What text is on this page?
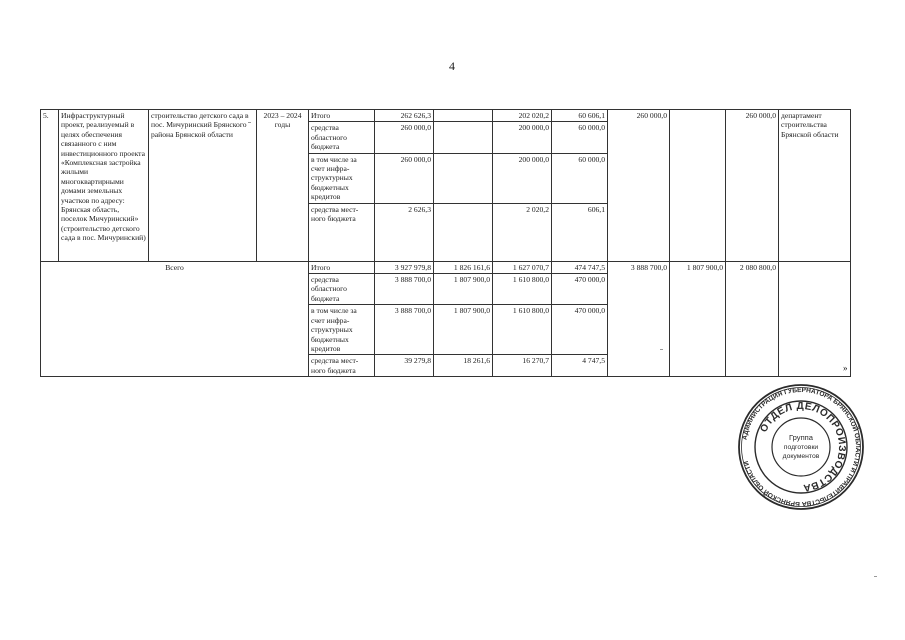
4
5.	Инфраструктурный проект, реализуемый в целях обеспечения связанного с ним инвестиционного проекта «Комплексная застройка жилыми многоквартирными домами земельных участков по адресу: Брянская область, поселок Мичуринский» (строительство детского сада в пос. Мичуринский)	строительство детского сада в пос. Мичуринский Брянского района Брянской области	2023 – 2024 годы	Итого	262 626,3		202 020,2	60 606,1	260 000,0		260 000,0	департамент строительства Брянской области
				средства областного бюджета	260 000,0		200 000,0	60 000,0				
				в том числе за счет инфра-структурных бюджетных кредитов	260 000,0		200 000,0	60 000,0				
				средства мест-ного бюджета	2 626,3		2 020,2	606,1				
Всего				Итого	3 927 979,8	1 826 161,6	1 627 070,7	474 747,5	3 888 700,0	1 807 900,0	2 080 800,0	
				средства областного бюджета	3 888 700,0	1 807 900,0	1 610 800,0	470 000,0				
				в том числе за счет инфра-структурных бюджетных кредитов	3 888 700,0	1 807 900,0	1 610 800,0	470 000,0				
				средства мест-ного бюджета	39 279,8	18 261,6	16 270,7	4 747,5				
»
АДМИНИСТРАЦИЯ ГУБЕРНАТОРА БРЯНСКОЙ ОБЛАСТИ И ПРАВИТЕЛЬСТВА БРЯНСКОЙ ОБЛАСТИ
ОТДЕЛ ДЕЛОПРОИЗВОДСТВА
Группа
подготовки
документов
